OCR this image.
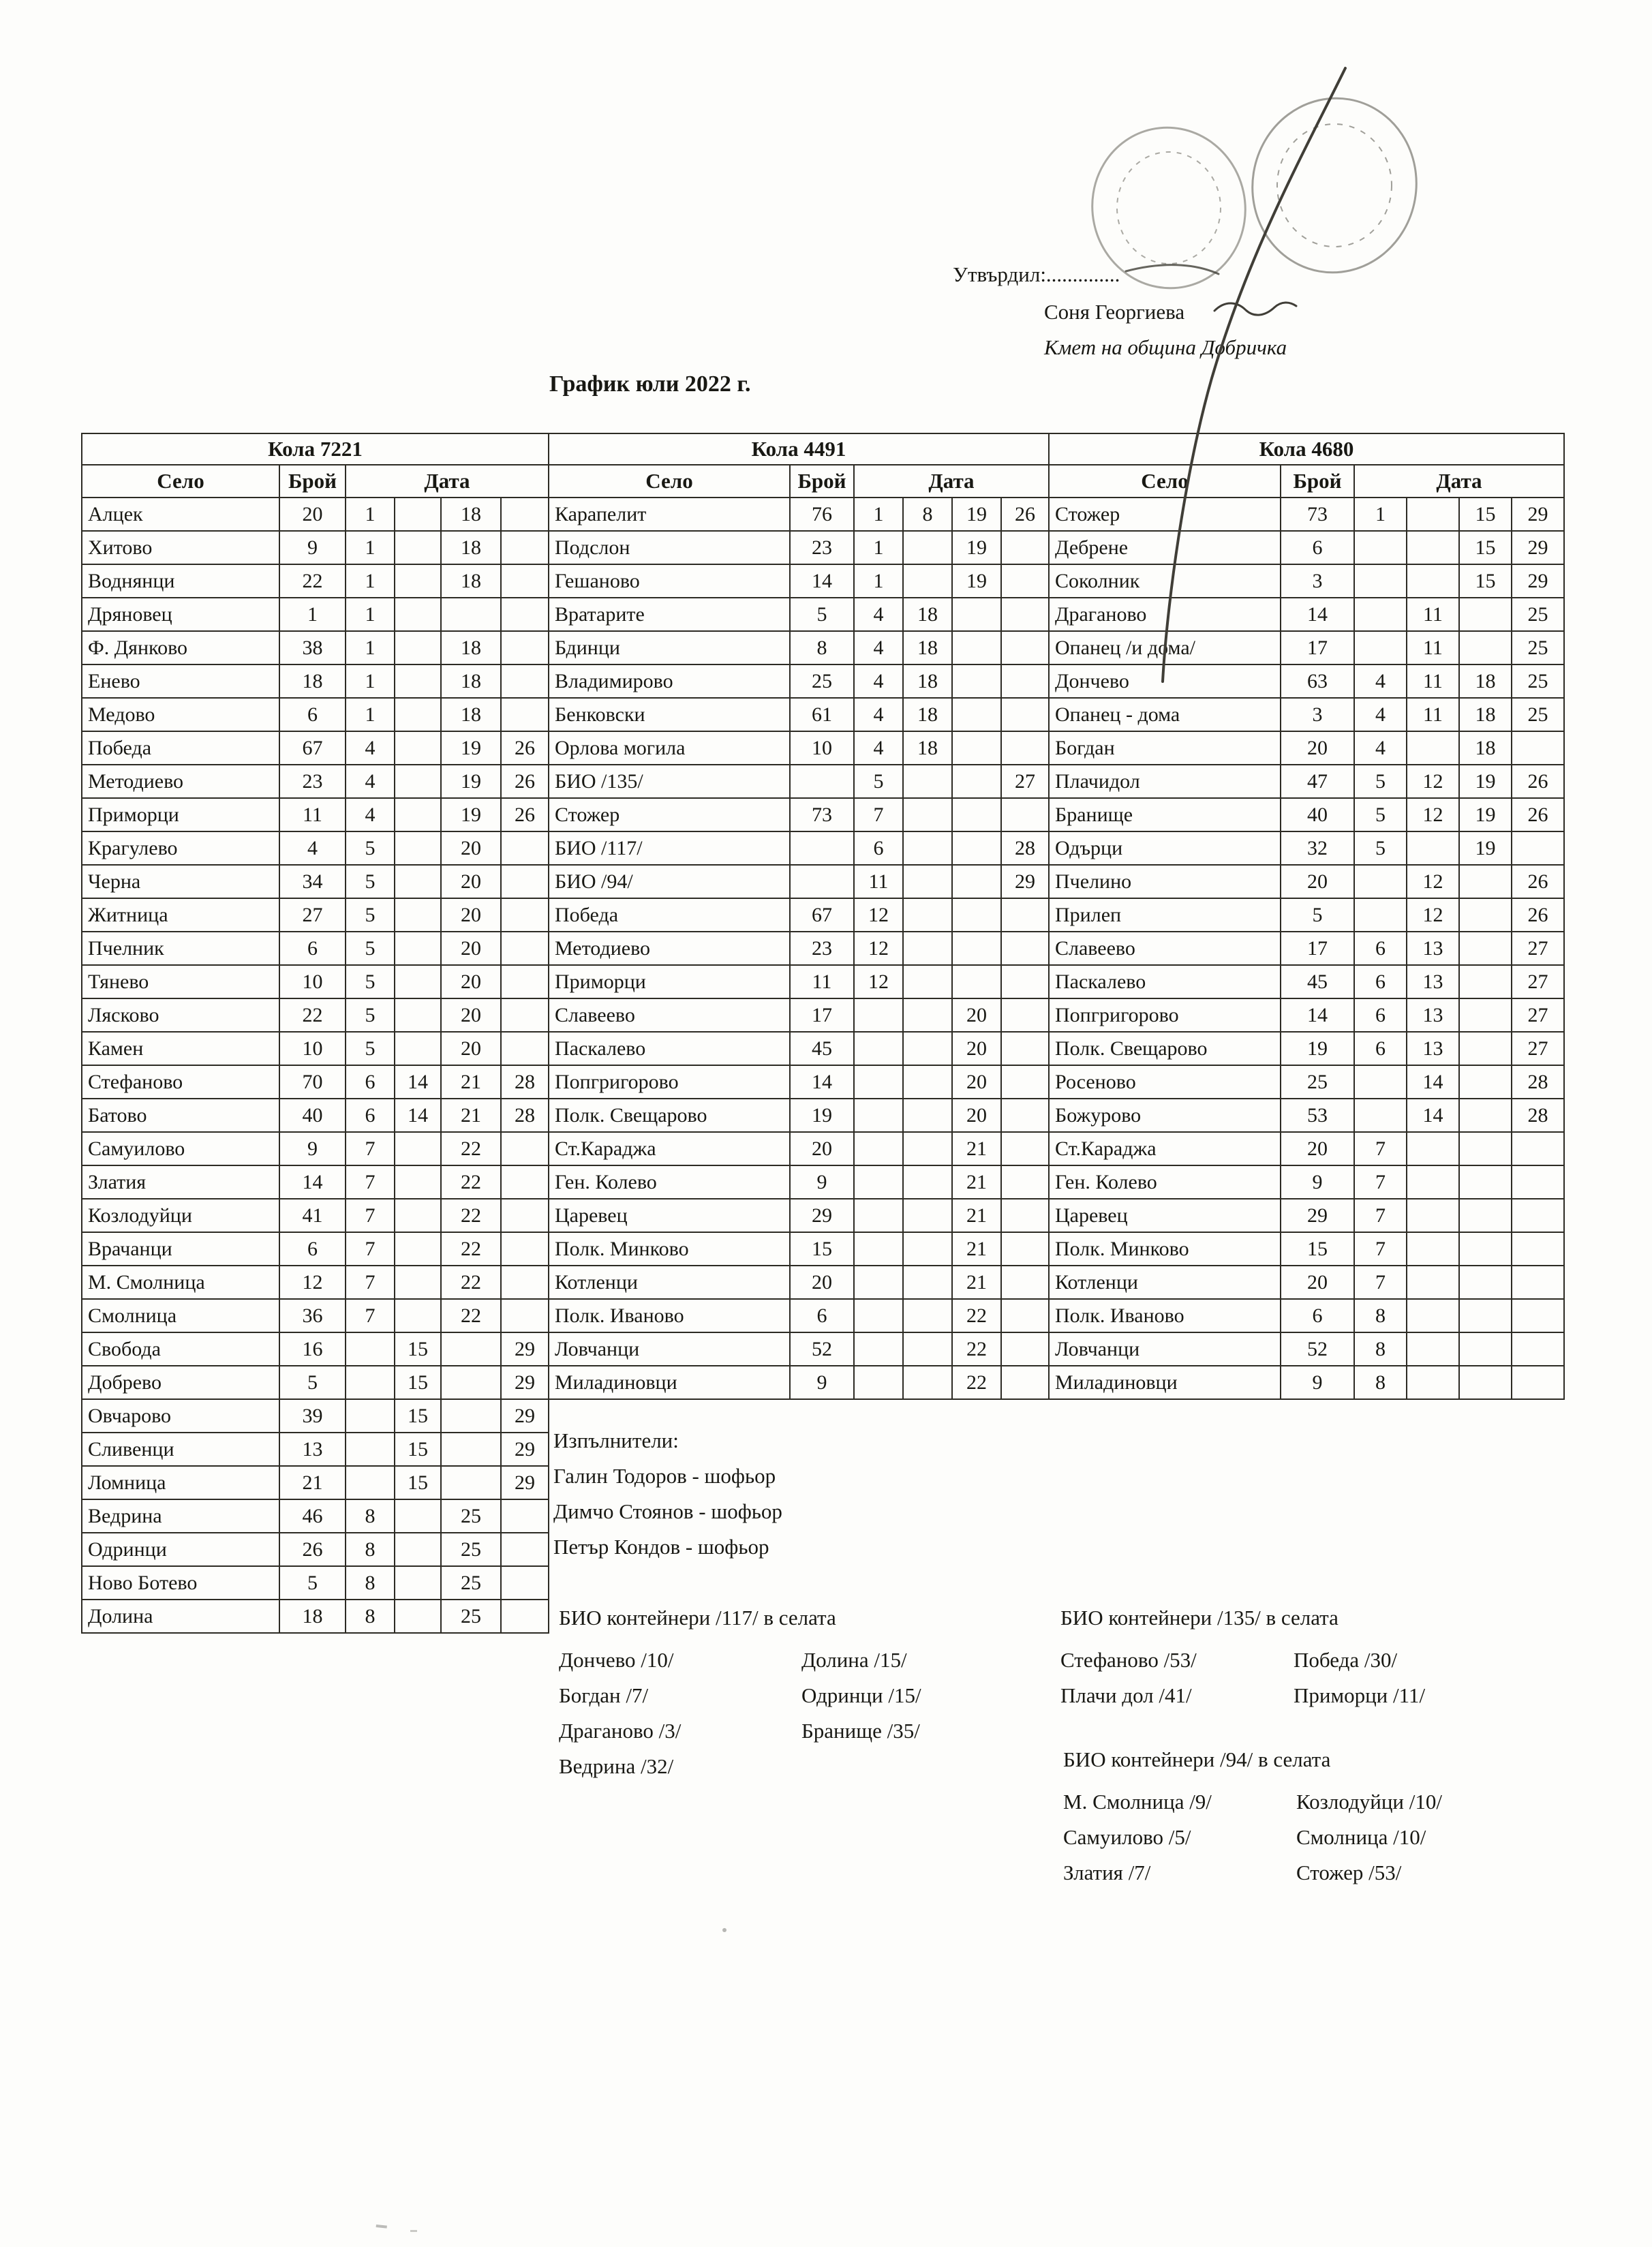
Утвърдил:..............
Соня Георгиева
Кмет на община Добричка
График юли 2022 г.
Кола 7221					
Село	Брой	Дата			
Алцек	20	1		18	
Хитово	9	1		18	
Воднянци	22	1		18	
Дряновец	1	1			
Ф. Дянково	38	1		18	
Енево	18	1		18	
Медово	6	1		18	
Победа	67	4		19	26
Методиево	23	4		19	26
Приморци	11	4		19	26
Крагулево	4	5		20	
Черна	34	5		20	
Житница	27	5		20	
Пчелник	6	5		20	
Тянево	10	5		20	
Лясково	22	5		20	
Камен	10	5		20	
Стефаново	70	6	14	21	28
Батово	40	6	14	21	28
Самуилово	9	7		22	
Златия	14	7		22	
Козлодуйци	41	7		22	
Врачанци	6	7		22	
М. Смолница	12	7		22	
Смолница	36	7		22	
Свобода	16		15		29
Добрево	5		15		29
Овчарово	39		15		29
Сливенци	13		15		29
Ломница	21		15		29
Ведрина	46	8		25	
Одринци	26	8		25	
Ново Ботево	5	8		25	
Долина	18	8		25	
Кола 4491					
Село	Брой	Дата			
Карапелит	76	1	8	19	26
Подслон	23	1		19	
Гешаново	14	1		19	
Вратарите	5	4	18		
Бдинци	8	4	18		
Владимирово	25	4	18		
Бенковски	61	4	18		
Орлова могила	10	4	18		
БИО /135/		5			27
Стожер	73	7			
БИО /117/		6			28
БИО /94/		11			29
Победа	67	12			
Методиево	23	12			
Приморци	11	12			
Славеево	17			20	
Паскалево	45			20	
Попгригорово	14			20	
Полк. Свещарово	19			20	
Ст.Караджа	20			21	
Ген. Колево	9			21	
Царевец	29			21	
Полк. Минково	15			21	
Котленци	20			21	
Полк. Иваново	6			22	
Ловчанци	52			22	
Миладиновци	9			22	
Кола 4680					
Село	Брой	Дата			
Стожер	73	1		15	29
Дебрене	6			15	29
Соколник	3			15	29
Драганово	14		11		25
Опанец /и дома/	17		11		25
Дончево	63	4	11	18	25
Опанец - дома	3	4	11	18	25
Богдан	20	4		18	
Плачидол	47	5	12	19	26
Бранище	40	5	12	19	26
Одърци	32	5		19	
Пчелино	20		12		26
Прилеп	5		12		26
Славеево	17	6	13		27
Паскалево	45	6	13		27
Попгригорово	14	6	13		27
Полк. Свещарово	19	6	13		27
Росеново	25		14		28
Божурово	53		14		28
Ст.Караджа	20	7			
Ген. Колево	9	7			
Царевец	29	7			
Полк. Минково	15	7			
Котленци	20	7			
Полк. Иваново	6	8			
Ловчанци	52	8			
Миладиновци	9	8			
Изпълнители:
Галин Тодоров - шофьор
Димчо Стоянов - шофьор
Петър Кондов - шофьор
БИО контейнери /117/ в селата
Дончево /10/	Долина /15/
Богдан /7/	Одринци /15/
Драганово /3/	Бранище /35/
Ведрина /32/
БИО контейнери /135/ в селата
Стефаново /53/	Победа /30/
Плачи дол /41/	Приморци /11/
БИО контейнери /94/ в селата
М. Смолница /9/	Козлодуйци /10/
Самуилово /5/	Смолница /10/
Златия /7/	Стожер /53/
